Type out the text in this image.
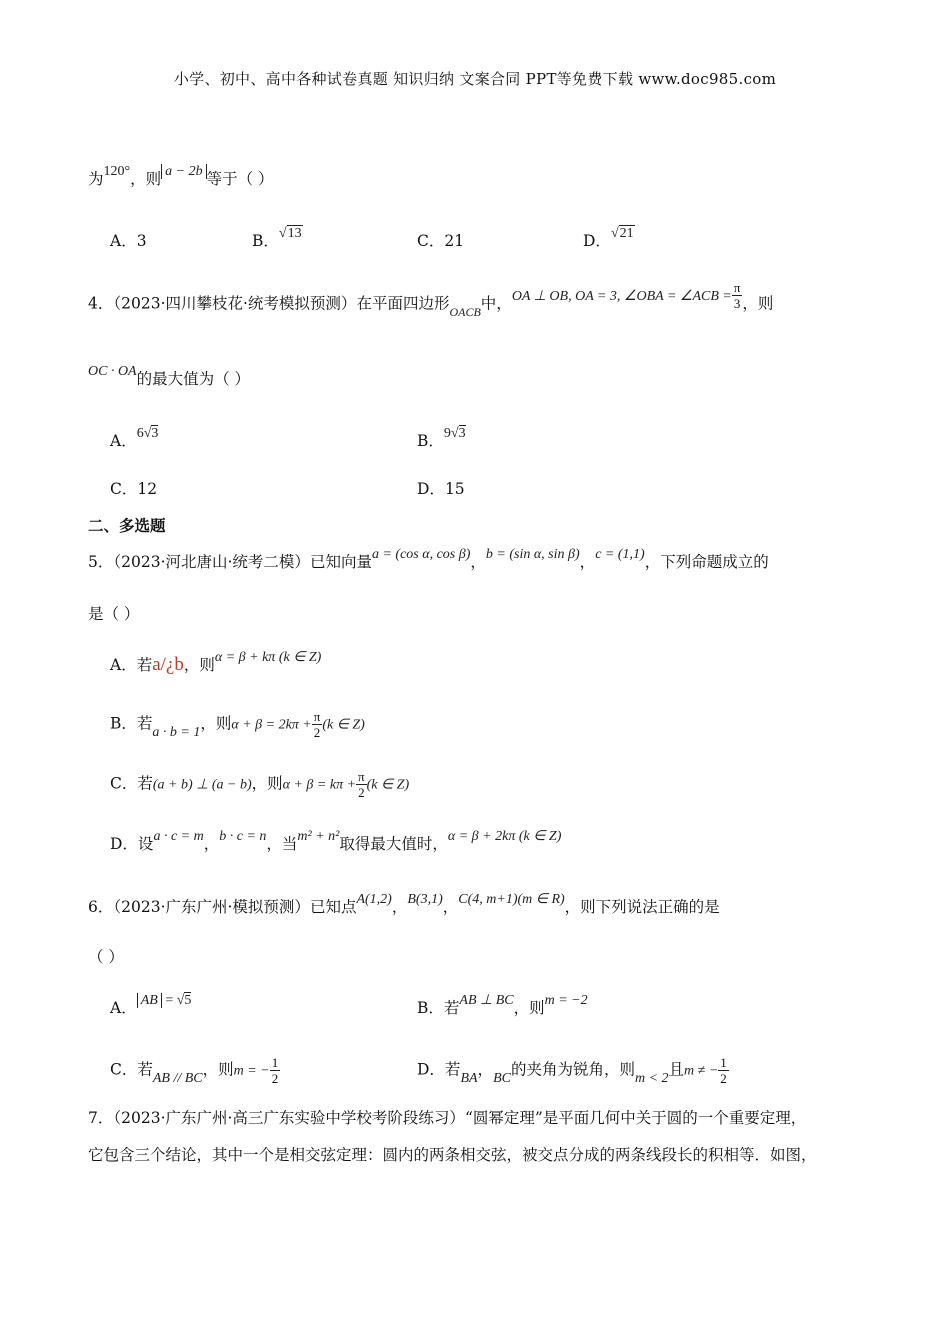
小学、初中、高中各种试卷真题 知识归纳 文案合同 PPT等免费下载 www.doc985.com
为120°，则 a − 2b 等于（ ）
A．3	B．√13	C．21	D．√21
4．（2023·四川攀枝花·统考模拟预测）在平面四边形$_{OACB}$中，OA ⊥ OB, OA = 3, ∠OBA = ∠ACB = $\frac{\pi}{3}$ ，则
OC · OA的最大值为（ ）
A．6√3	B．9√3
C．12	D．15
二、多选题
5．（2023·河北唐山·统考二模）已知向量a = (cos α, cos β)，b = (sin α, sin β)，c = (1,1)，下列命题成立的
是（ ）
A．若a/¿b，则α = β + kπ (k ∈ Z)
B．若a · b = 1，则$\alpha + \beta = 2k\pi + \frac{\pi}{2} (k$ ∈ Z)
C．若(a + b) ⊥ (a − b)，则$\alpha + \beta = k\pi + \frac{\pi}{2} (k$ ∈ Z)
D．设a · c = m，b · c = n，当m² + n²取得最大值时，α = β + 2kπ (k ∈ Z)
6．（2023·广东广州·模拟预测）已知点A(1,2)，B(3,1)，C(4, m+1)(m ∈ R)，则下列说法正确的是
（ ）
A． AB = √5	B．若AB ⊥ BC，则m = −2
C．若AB // BC，则m = − $\frac{1}{2}$	D．若BA，BC的夹角为锐角，则m < 2且m ≠ − $\frac{1}{2}$
7．（2023·广东广州·高三广东实验中学校考阶段练习）“圆幂定理”是平面几何中关于圆的一个重要定理，
它包含三个结论，其中一个是相交弦定理：圆内的两条相交弦，被交点分成的两条线段长的积相等．如图，
